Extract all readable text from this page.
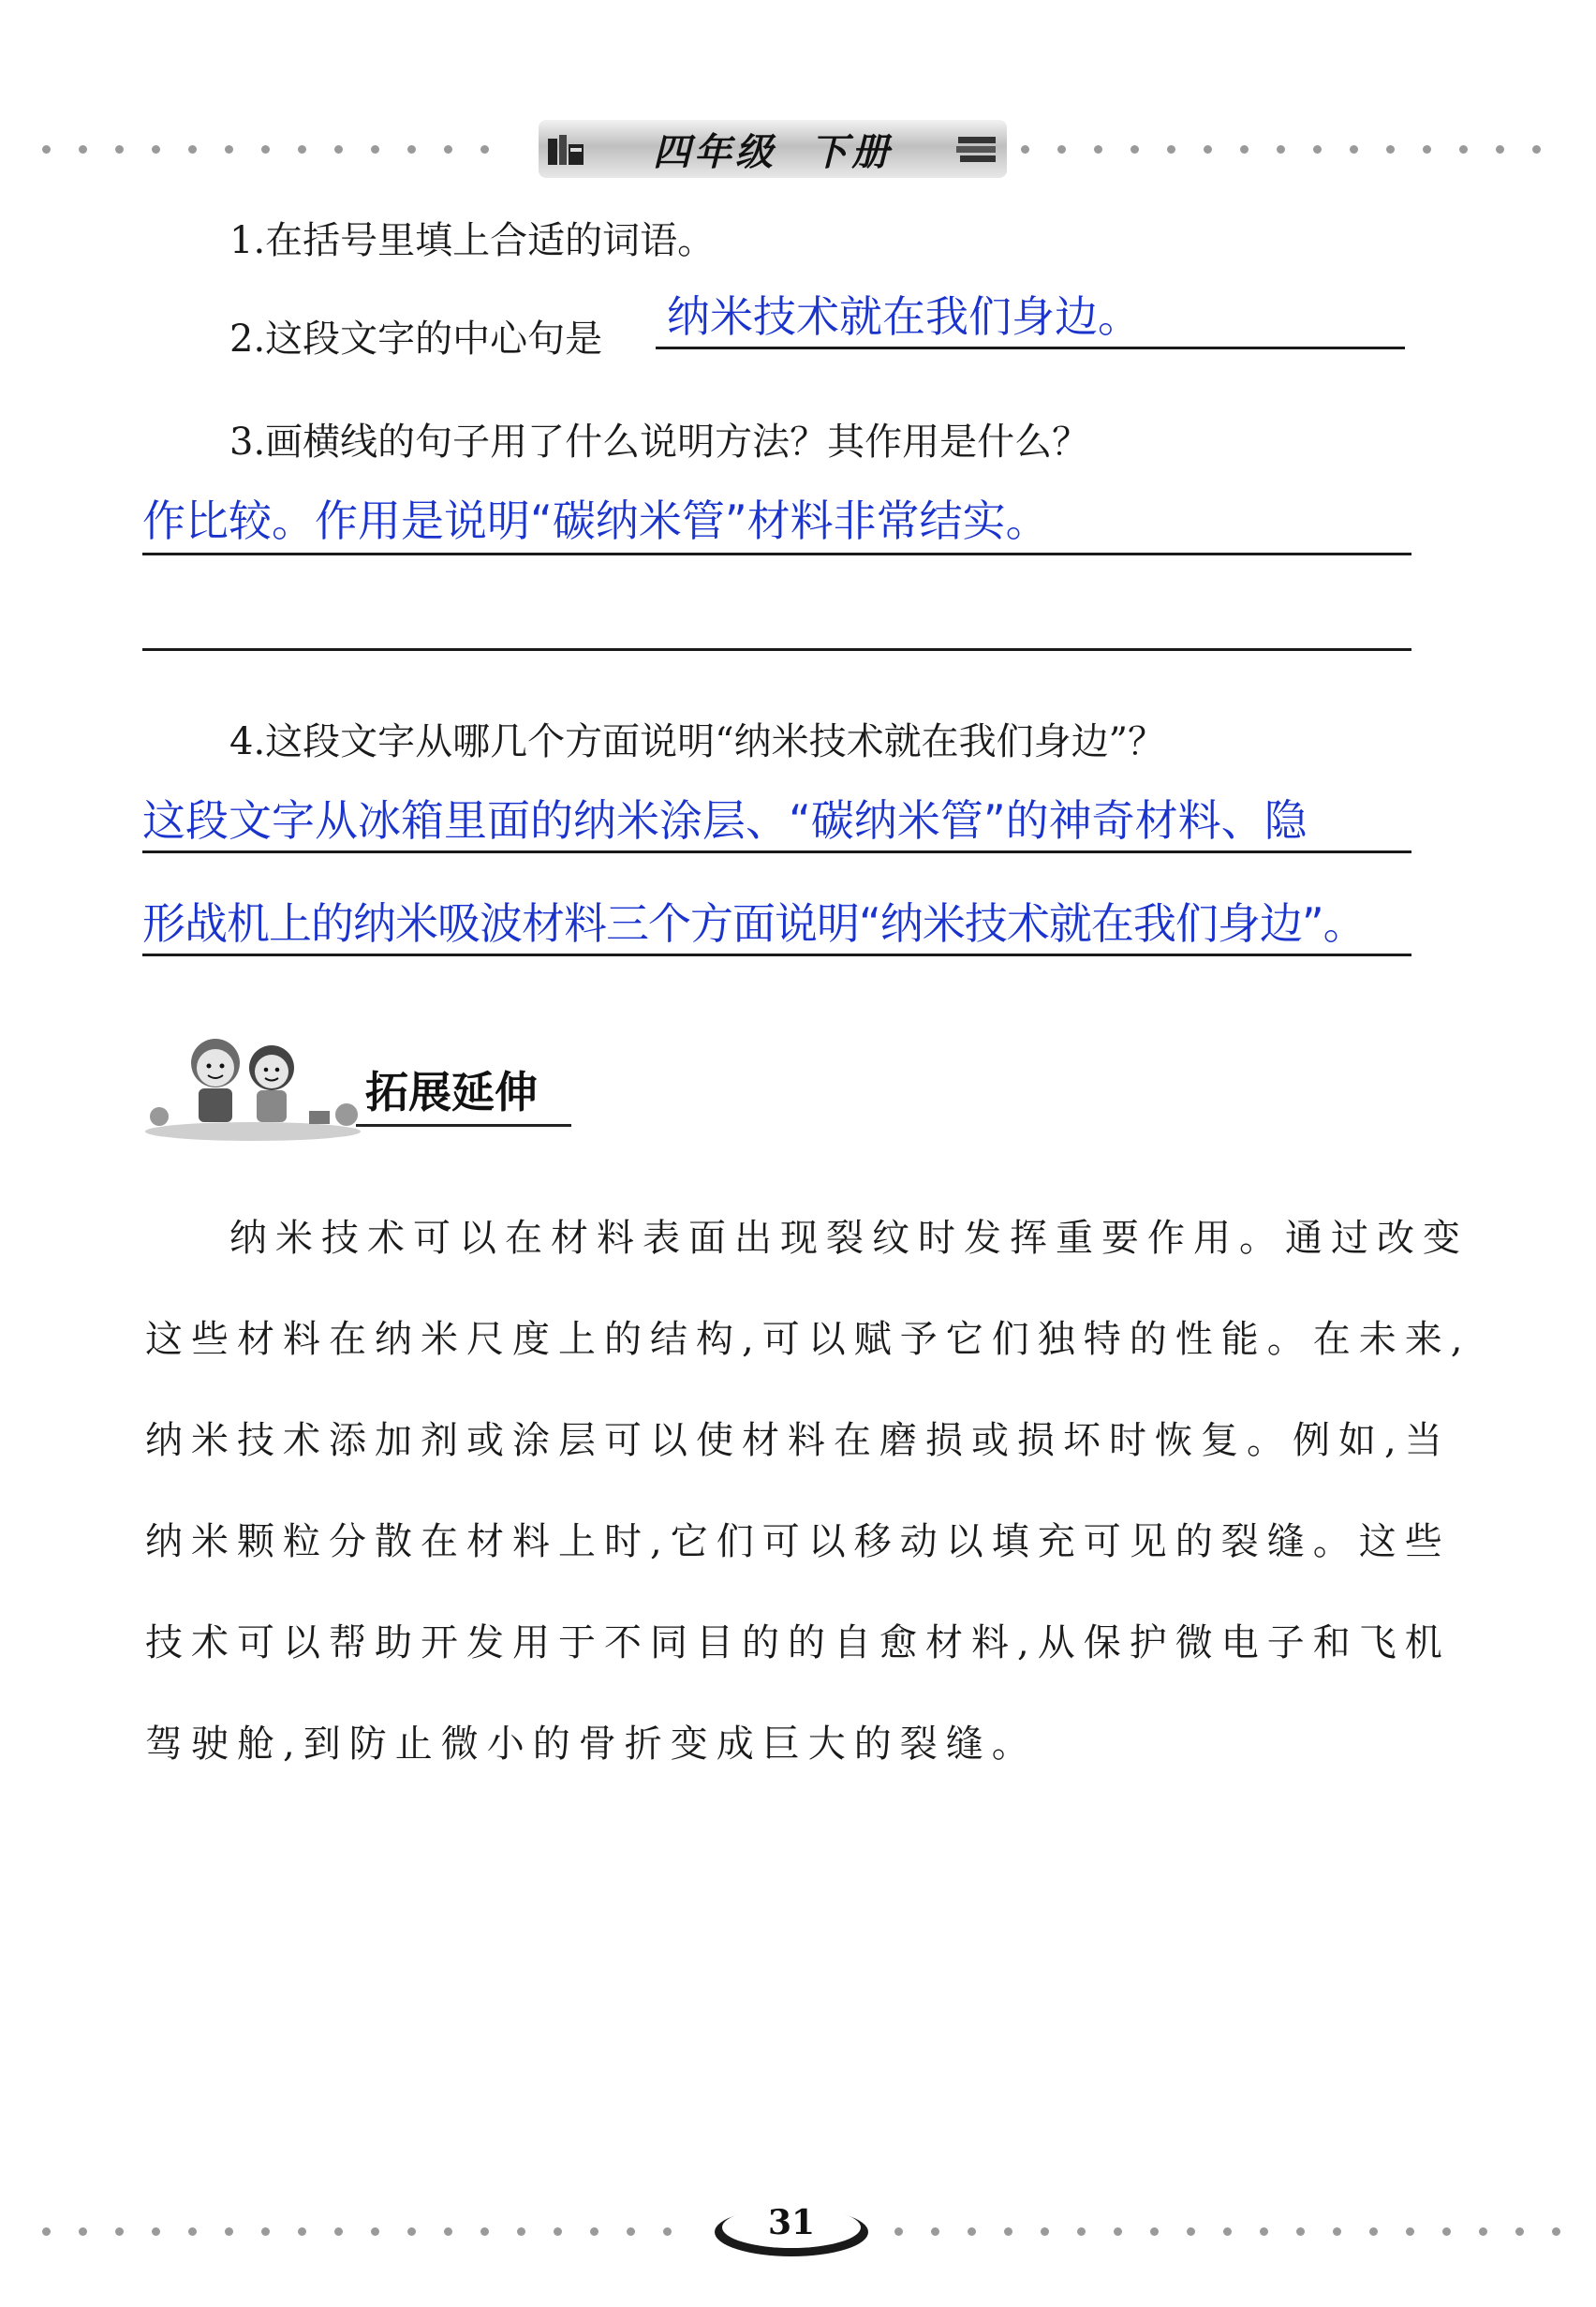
四年级  下册
1.在括号里填上合适的词语。
2.这段文字的中心句是 纳米技术就在我们身边。
3.画横线的句子用了什么说明方法？其作用是什么？
作比较。作用是说明“碳纳米管”材料非常结实。
4.这段文字从哪几个方面说明“纳米技术就在我们身边”？
这段文字从冰箱里面的纳米涂层、“碳纳米管”的神奇材料、隐
形战机上的纳米吸波材料三个方面说明“纳米技术就在我们身边”。
拓展延伸
纳米技术可以在材料表面出现裂纹时发挥重要作用。通过改变
这些材料在纳米尺度上的结构,可以赋予它们独特的性能。在未来,
纳米技术添加剂或涂层可以使材料在磨损或损坏时恢复。例如,当
纳米颗粒分散在材料上时,它们可以移动以填充可见的裂缝。这些
技术可以帮助开发用于不同目的的自愈材料,从保护微电子和飞机
驾驶舱,到防止微小的骨折变成巨大的裂缝。
31
